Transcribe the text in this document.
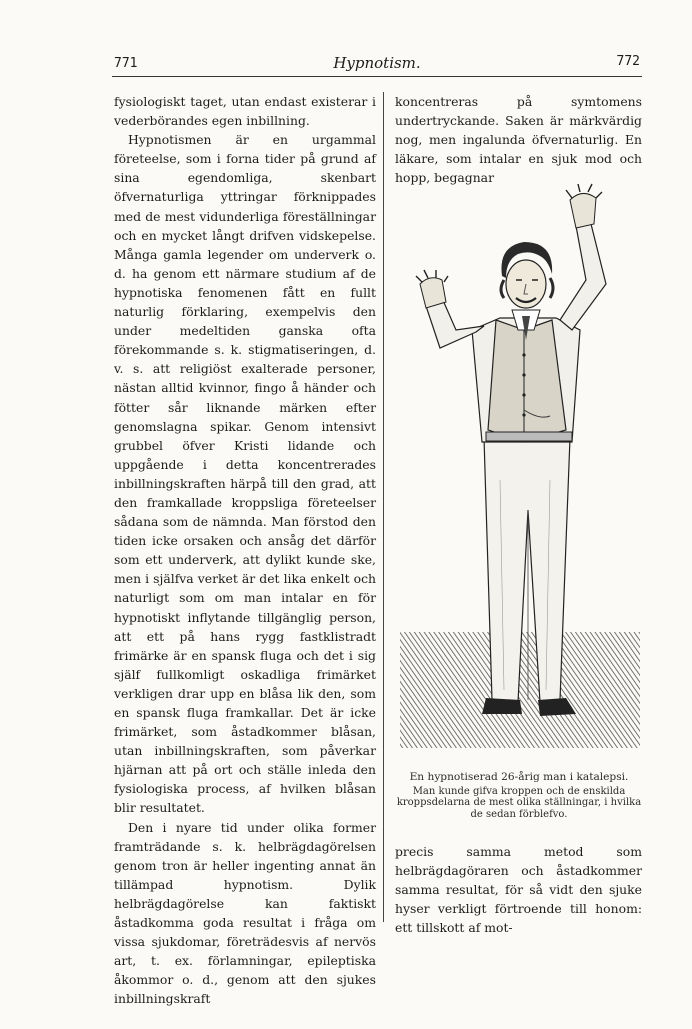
771	Hypnotism.	772

fysiologiskt taget, utan endast existerar i vederbörandes egen inbillning.

Hypnotismen är en urgammal företeelse, som i forna tider på grund af sina egendomliga, skenbart öfvernaturliga yttringar förknippades med de mest vidunderliga föreställningar och en mycket långt drifven vidskepelse. Många gamla legender om underverk o. d. ha genom ett närmare studium af de hypnotiska fenomenen fått en fullt naturlig förklaring, exempelvis den under medeltiden ganska ofta förekommande s. k. stigmatiseringen, d. v. s. att religiöst exalterade personer, nästan alltid kvinnor, fingo å händer och fötter sår liknande märken efter genomslagna spikar. Genom intensivt grubbel öfver Kristi lidande och uppgående i detta koncentrerades inbillningskraften härpå till den grad, att den framkallade kroppsliga företeelser sådana som de nämnda. Man förstod den tiden icke orsaken och ansåg det därför som ett underverk, att dylikt kunde ske, men i själfva verket är det lika enkelt och naturligt som om man intalar en för hypnotiskt inflytande tillgänglig person, att ett på hans rygg fastklistradt frimärke är en spansk fluga och det i sig själf fullkomligt oskadliga frimärket verkligen drar upp en blåsa lik den, som en spansk fluga framkallar. Det är icke frimärket, som åstadkommer blåsan, utan inbillningskraften, som påverkar hjärnan att på ort och ställe inleda den fysiologiska process, af hvilken blåsan blir resultatet.

Den i nyare tid under olika former framträdande s. k. helbrägdagörelsen genom tron är heller ingenting annat än tillämpad hypnotism. Dylik helbrägdagörelse kan faktiskt åstadkomma goda resultat i fråga om vissa sjukdomar, företrädesvis af nervös art, t. ex. förlamningar, epileptiska åkommor o. d., genom att den sjukes inbillningskraft

koncentreras på symtomens undertryckande. Saken är märkvärdig nog, men ingalunda öfvernaturlig. En läkare, som intalar en sjuk mod och hopp, begagnar

En hypnotiserad 26-årig man i katalepsi.
Man kunde gifva kroppen och de enskilda kroppsdelarna de mest olika ställningar, i hvilka de sedan förblefvo.

precis samma metod som helbrägdagöraren och åstadkommer samma resultat, för så vidt den sjuke hyser verkligt förtroende till honom: ett tillskott af mot-
